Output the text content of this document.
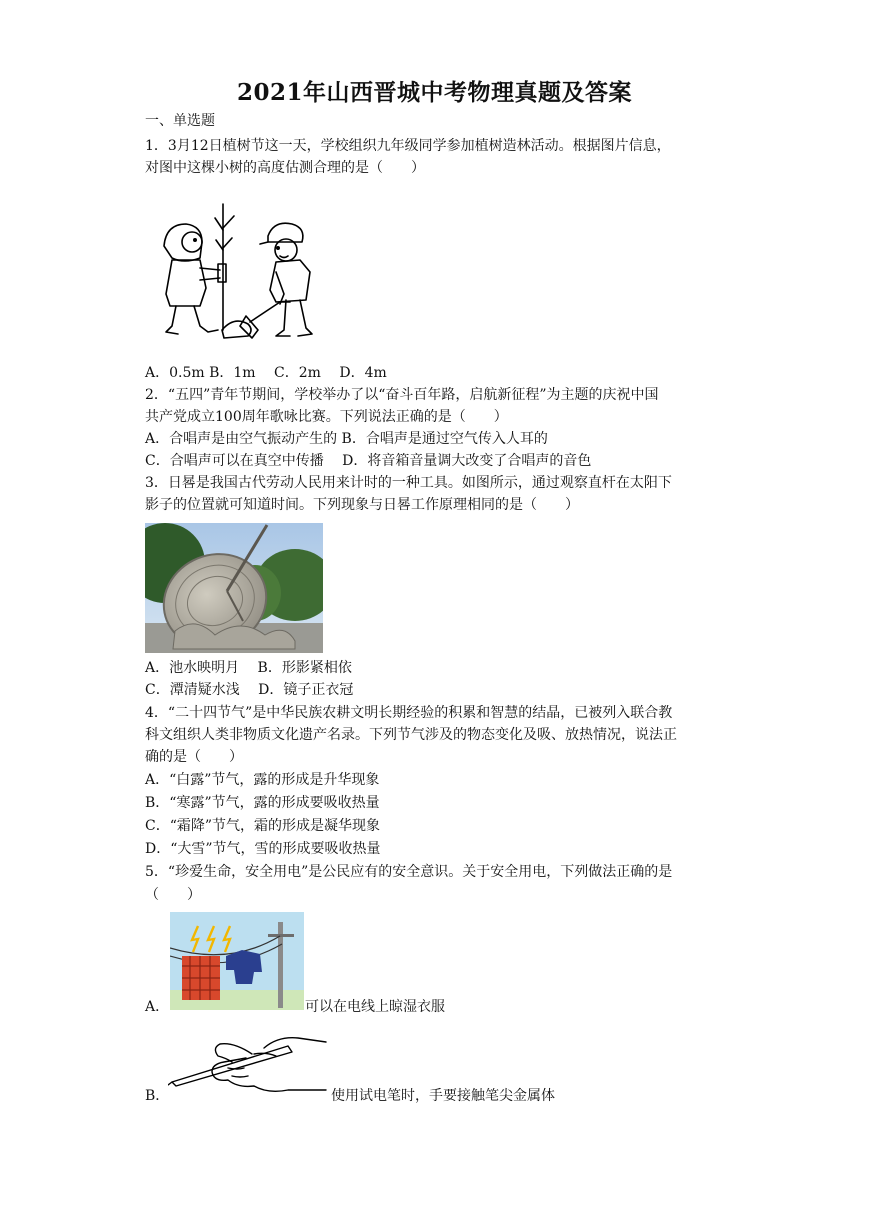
2021年山西晋城中考物理真题及答案
一、单选题
1．3月12日植树节这一天，学校组织九年级同学参加植树造林活动。根据图片信息，
对图中这棵小树的高度估测合理的是（　　）
A．0.5m B．1m　 C．2m　 D．4m
2．“五四”青年节期间，学校举办了以“奋斗百年路，启航新征程”为主题的庆祝中国
共产党成立100周年歌咏比赛。下列说法正确的是（　　）
A．合唱声是由空气振动产生的 B．合唱声是通过空气传入人耳的
C．合唱声可以在真空中传播　 D．将音箱音量调大改变了合唱声的音色
3．日晷是我国古代劳动人民用来计时的一种工具。如图所示，通过观察直杆在太阳下
影子的位置就可知道时间。下列现象与日晷工作原理相同的是（　　）
A．池水映明月　 B．形影紧相依
C．潭清疑水浅　 D．镜子正衣冠
4．“二十四节气”是中华民族农耕文明长期经验的积累和智慧的结晶，已被列入联合教
科文组织人类非物质文化遗产名录。下列节气涉及的物态变化及吸、放热情况，说法正
确的是（　　）
A．“白露”节气，露的形成是升华现象
B．“寒露”节气，露的形成要吸收热量
C．“霜降”节气，霜的形成是凝华现象
D．“大雪”节气，雪的形成要吸收热量
5．“珍爱生命，安全用电”是公民应有的安全意识。关于安全用电，下列做法正确的是
（　　）
A．	可以在电线上晾湿衣服
B．	使用试电笔时，手要接触笔尖金属体
